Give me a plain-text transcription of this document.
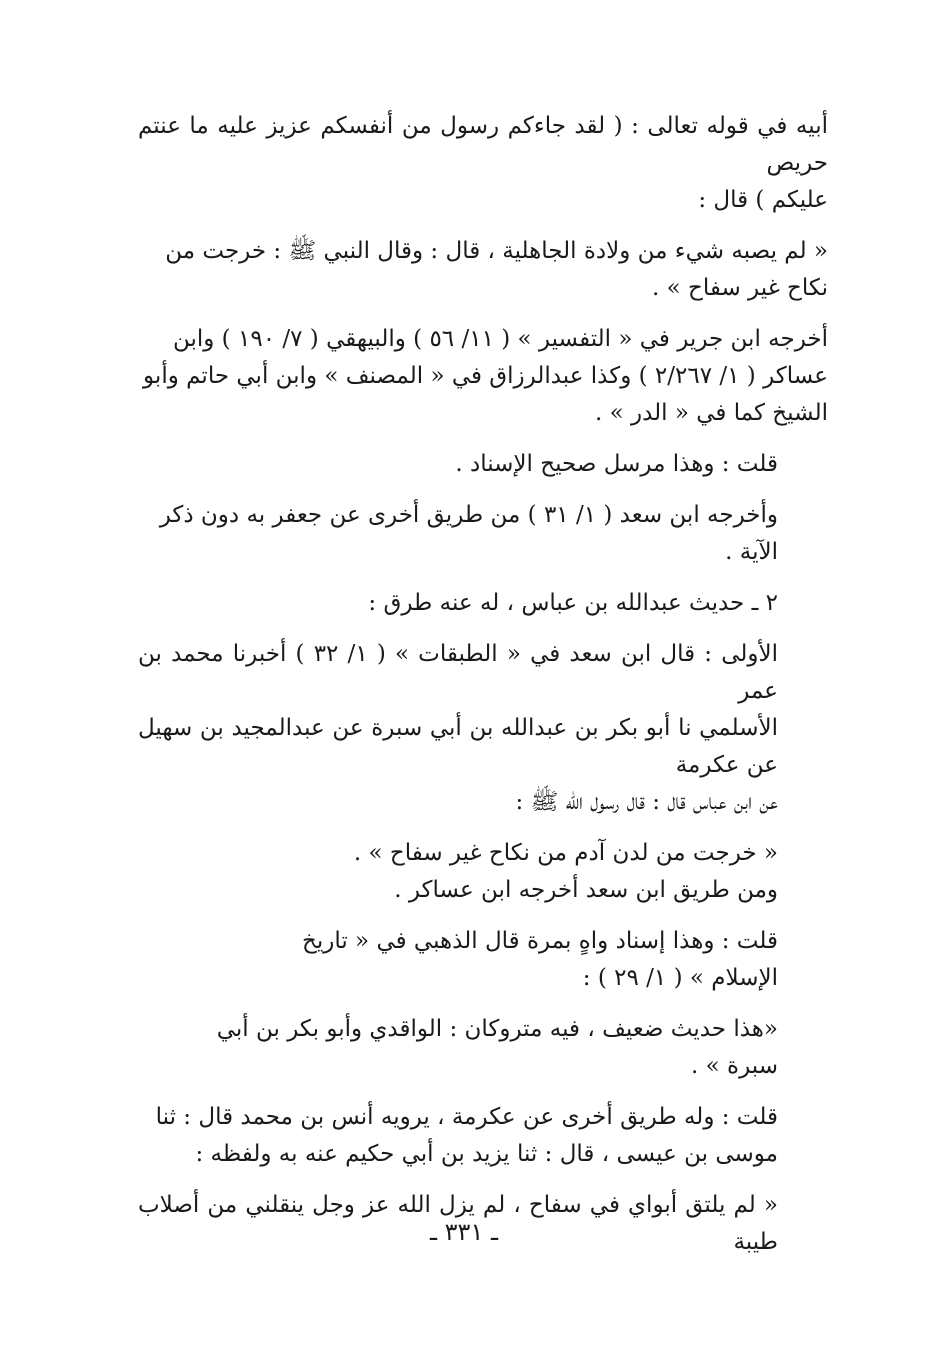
أبيه في قوله تعالى : ( لقد جاءكم رسول من أنفسكم عزيز عليه ما عنتم حريص
عليكم ) قال :

« لم يصبه شيء من ولادة الجاهلية ، قال : وقال النبي ﷺ : خرجت من
نكاح غير سفاح » .

أخرجه ابن جرير في « التفسير » ( ١١/ ٥٦ ) والبيهقي ( ٧/ ١٩٠ ) وابن
عساكر ( ١/ ٢/٢٦٧ ) وكذا عبدالرزاق في « المصنف » وابن أبي حاتم وأبو
الشيخ كما في « الدر » .

قلت : وهذا مرسل صحيح الإسناد .

وأخرجه ابن سعد ( ١/ ٣١ ) من طريق أخرى عن جعفر به دون ذكر
الآية .

٢ ـ حديث عبدالله بن عباس ، له عنه طرق :

الأولى : قال ابن سعد في « الطبقات » ( ١/ ٣٢ ) أخبرنا محمد بن عمر
الأسلمي نا أبو بكر بن عبدالله بن أبي سبرة عن عبدالمجيد بن سهيل عن عكرمة
عن ابن عباس قال : قال رسول الله ﷺ :

« خرجت من لدن آدم من نكاح غير سفاح » .
ومن طريق ابن سعد أخرجه ابن عساكر .

قلت : وهذا إسناد واهٍ بمرة قال الذهبي في « تاريخ
الإسلام » ( ١/ ٢٩ ) :

«هذا حديث ضعيف ، فيه متروكان : الواقدي وأبو بكر بن أبي
سبرة » .

قلت : وله طريق أخرى عن عكرمة ، يرويه أنس بن محمد قال : ثنا
موسى بن عيسى ، قال : ثنا يزيد بن أبي حكيم عنه به ولفظه :

« لم يلتق أبواي في سفاح ، لم يزل الله عز وجل ينقلني من أصلاب طيبة

ـ ٣٣١ ـ
